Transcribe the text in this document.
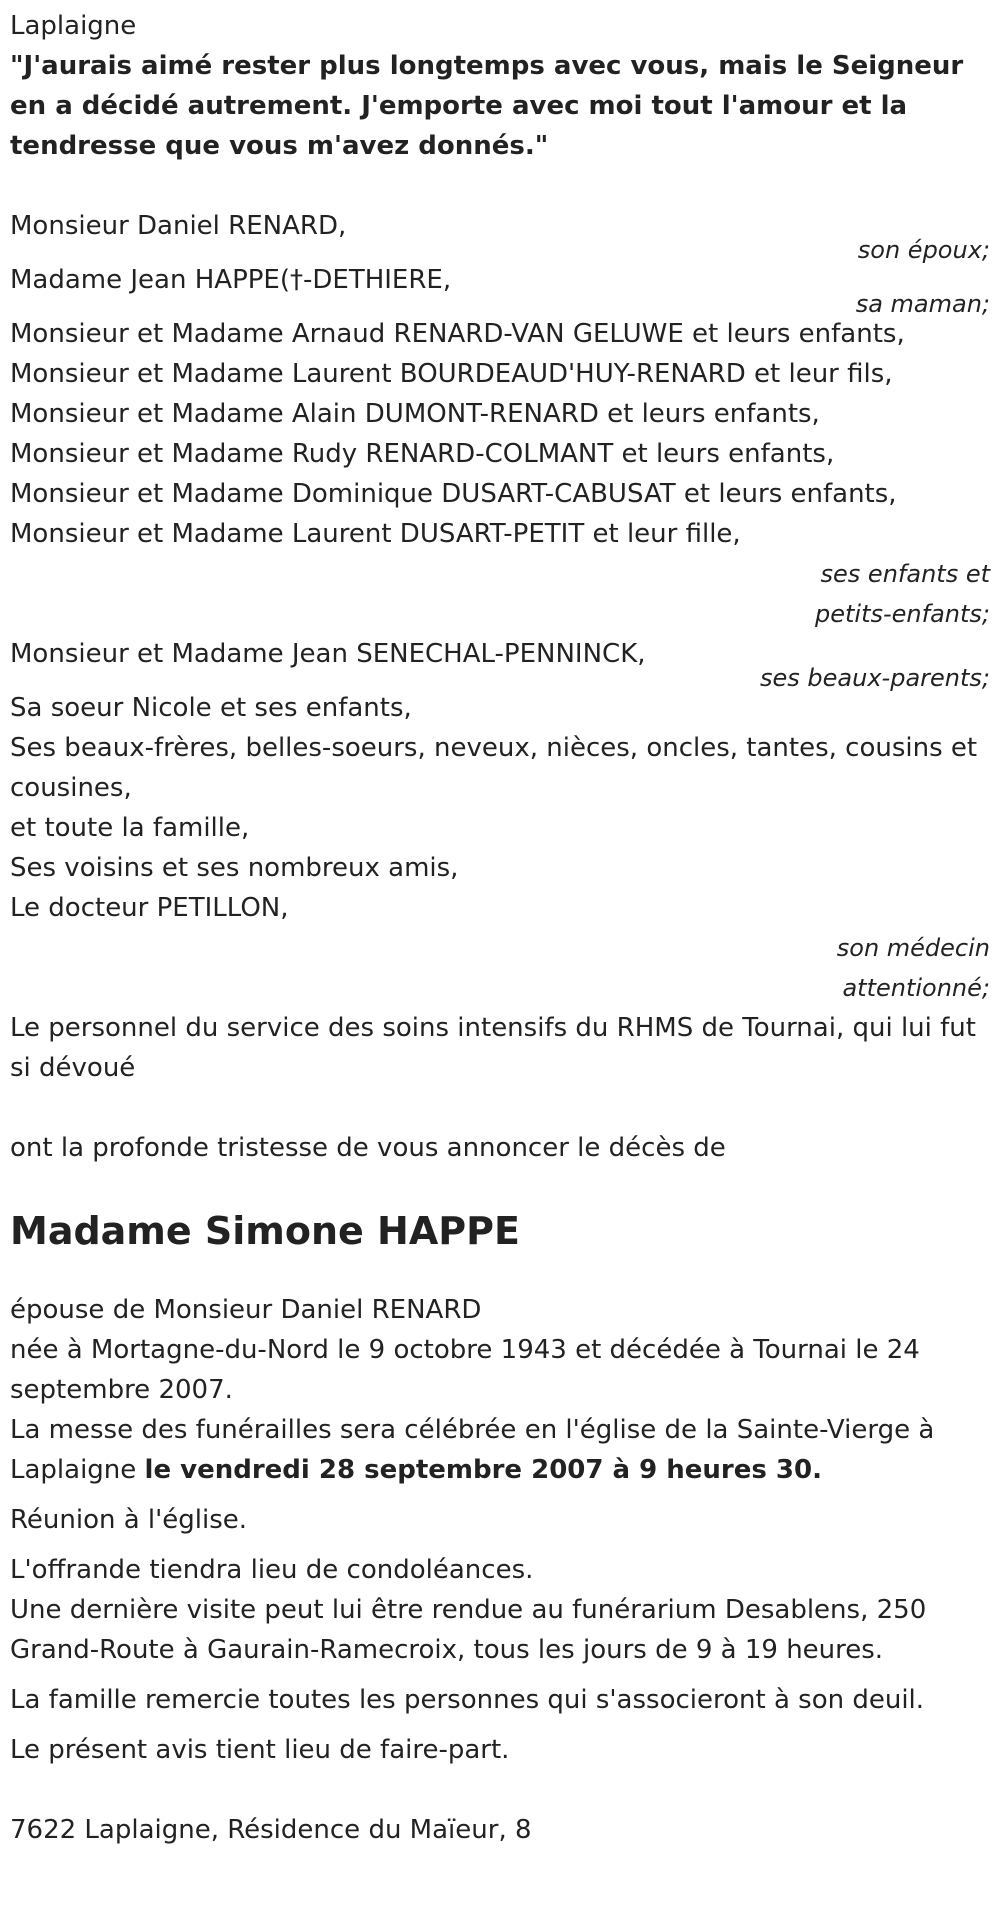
Laplaigne

"J'aurais aimé rester plus longtemps avec vous, mais le Seigneur en a décidé autrement. J'emporte avec moi tout l'amour et la tendresse que vous m'avez donnés."

Monsieur Daniel RENARD,

son époux;

Madame Jean HAPPE(†-DETHIERE,

sa maman;

Monsieur et Madame Arnaud RENARD-VAN GELUWE et leurs enfants,

Monsieur et Madame Laurent BOURDEAUD'HUY-RENARD et leur fils,

Monsieur et Madame Alain DUMONT-RENARD et leurs enfants,

Monsieur et Madame Rudy RENARD-COLMANT et leurs enfants,

Monsieur et Madame Dominique DUSART-CABUSAT et leurs enfants,

Monsieur et Madame Laurent DUSART-PETIT et leur fille,

ses enfants et

petits-enfants;

Monsieur et Madame Jean SENECHAL-PENNINCK,

ses beaux-parents;

Sa soeur Nicole et ses enfants,

Ses beaux-frères, belles-soeurs, neveux, nièces, oncles, tantes, cousins et cousines,

et toute la famille,

Ses voisins et ses nombreux amis,

Le docteur PETILLON,

son médecin

attentionné;

Le personnel du service des soins intensifs du RHMS de Tournai, qui lui fut si dévoué

ont la profonde tristesse de vous annoncer le décès de

Madame Simone HAPPE

épouse de Monsieur Daniel RENARD

née à Mortagne-du-Nord le 9 octobre 1943 et décédée à Tournai le 24 septembre 2007.

La messe des funérailles sera célébrée en l'église de la Sainte-Vierge à Laplaigne le vendredi 28 septembre 2007 à 9 heures 30.

Réunion à l'église.

L'offrande tiendra lieu de condoléances.

Une dernière visite peut lui être rendue au funérarium Desablens, 250 Grand-Route à Gaurain-Ramecroix, tous les jours de 9 à 19 heures.

La famille remercie toutes les personnes qui s'associeront à son deuil.

Le présent avis tient lieu de faire-part.

7622 Laplaigne, Résidence du Maïeur, 8
